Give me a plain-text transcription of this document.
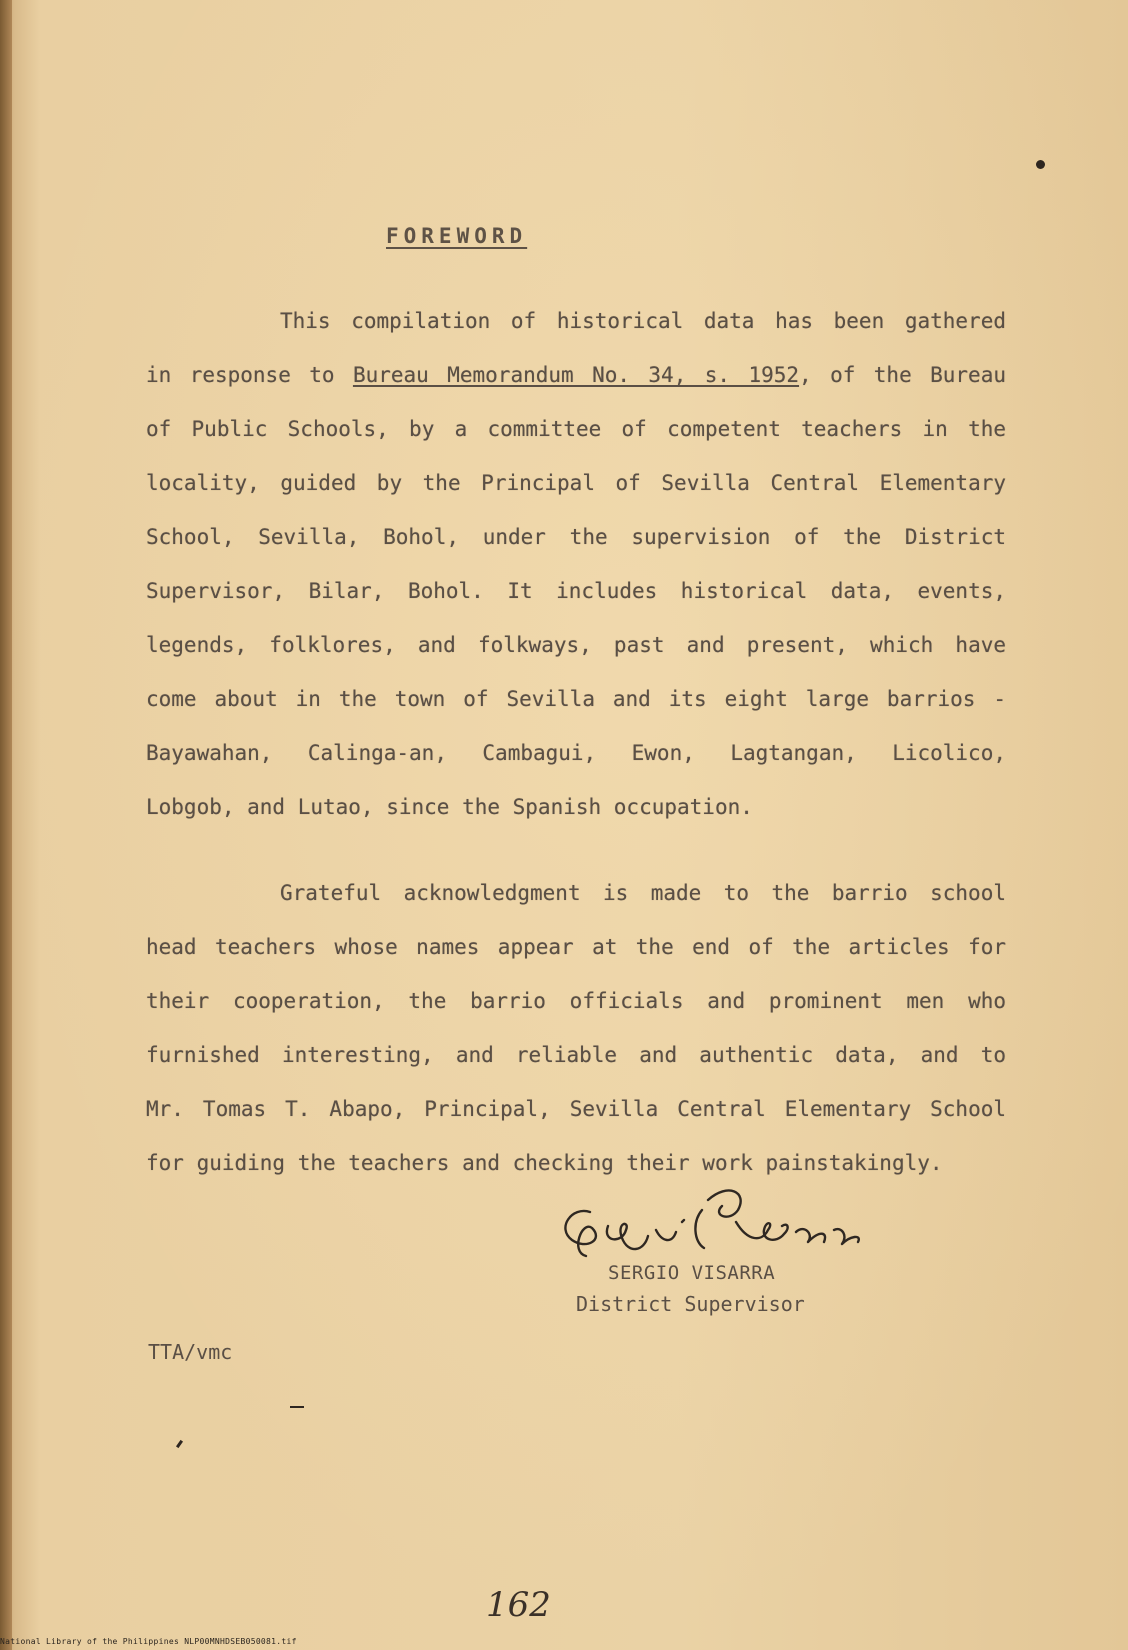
FOREWORD
This compilation of historical data has been gathered
in response to Bureau Memorandum No. 34, s. 1952, of the Bureau
of Public Schools, by a committee of competent teachers in the
locality, guided by the Principal of Sevilla Central Elementary
School, Sevilla, Bohol, under the supervision of the District
Supervisor, Bilar, Bohol. It includes historical data, events,
legends, folklores, and folkways, past and present, which have
come about in the town of Sevilla and its eight large barrios -
Bayawahan, Calinga-an, Cambagui, Ewon, Lagtangan, Licolico,
Lobgob, and Lutao, since the Spanish occupation.
Grateful acknowledgment is made to the barrio school
head teachers whose names appear at the end of the articles for
their cooperation, the barrio officials and prominent men who
furnished interesting, and reliable and authentic data, and to
Mr. Tomas T. Abapo, Principal, Sevilla Central Elementary School
for guiding the teachers and checking their work painstakingly.
SERGIO VISARRA
District Supervisor
TTA/vmc
162
National Library of the Philippines NLP00MNHDSEB050081.tif
